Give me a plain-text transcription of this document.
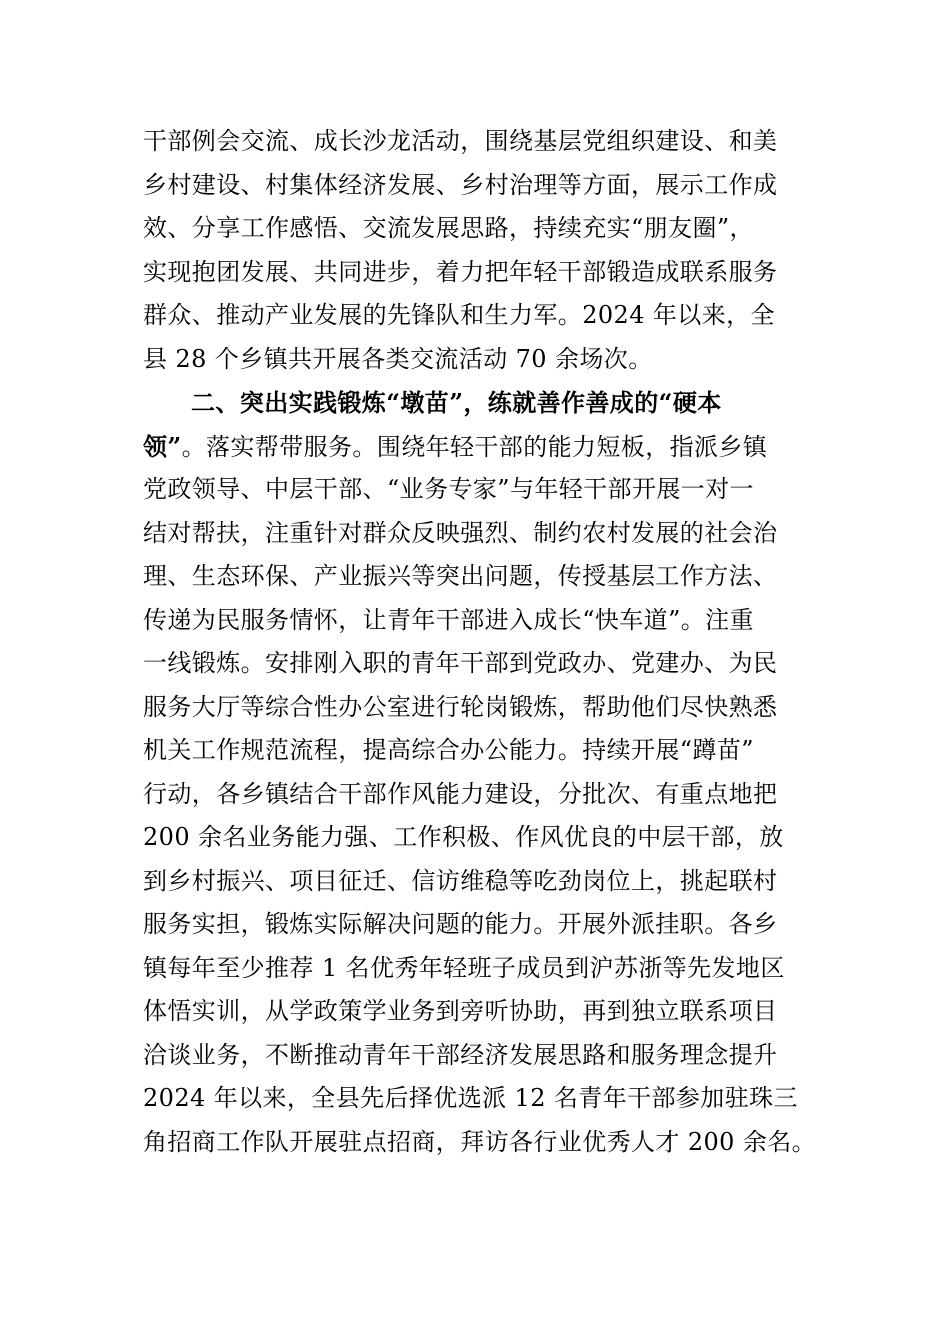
干部例会交流、成长沙龙活动，围绕基层党组织建设、和美
乡村建设、村集体经济发展、乡村治理等方面，展示工作成
效、分享工作感悟、交流发展思路，持续充实“朋友圈”，
实现抱团发展、共同进步，着力把年轻干部锻造成联系服务
群众、推动产业发展的先锋队和生力军。2024 年以来，全
县 28 个乡镇共开展各类交流活动 70 余场次。
二、突出实践锻炼“墩苗”，练就善作善成的“硬本
领”。落实帮带服务。围绕年轻干部的能力短板，指派乡镇
党政领导、中层干部、“业务专家”与年轻干部开展一对一
结对帮扶，注重针对群众反映强烈、制约农村发展的社会治
理、生态环保、产业振兴等突出问题，传授基层工作方法、
传递为民服务情怀，让青年干部进入成长“快车道”。注重
一线锻炼。安排刚入职的青年干部到党政办、党建办、为民
服务大厅等综合性办公室进行轮岗锻炼，帮助他们尽快熟悉
机关工作规范流程，提高综合办公能力。持续开展“蹲苗”
行动，各乡镇结合干部作风能力建设，分批次、有重点地把
200 余名业务能力强、工作积极、作风优良的中层干部，放
到乡村振兴、项目征迁、信访维稳等吃劲岗位上，挑起联村
服务实担，锻炼实际解决问题的能力。开展外派挂职。各乡
镇每年至少推荐 1 名优秀年轻班子成员到沪苏浙等先发地区
体悟实训，从学政策学业务到旁听协助，再到独立联系项目
洽谈业务，不断推动青年干部经济发展思路和服务理念提升
2024 年以来，全县先后择优选派 12 名青年干部参加驻珠三
角招商工作队开展驻点招商，拜访各行业优秀人才 200 余名。
